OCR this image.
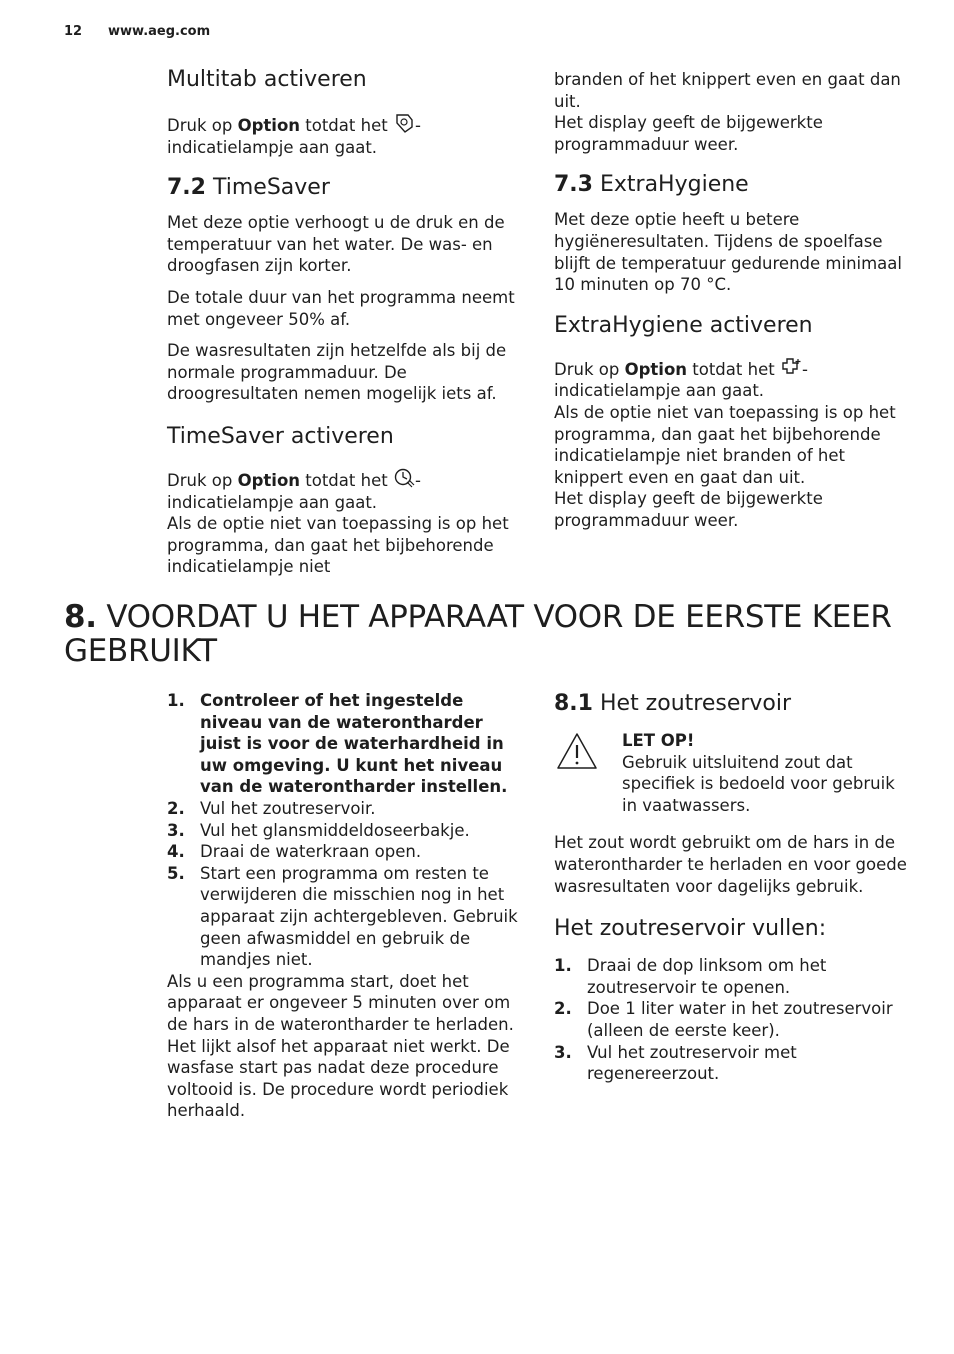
12 www.aeg.com
Multitab activeren

Druk op Option totdat het -indicatielampje aan gaat.

7.2 TimeSaver

Met deze optie verhoogt u de druk en de temperatuur van het water. De was- en droogfasen zijn korter.

De totale duur van het programma neemt met ongeveer 50% af.

De wasresultaten zijn hetzelfde als bij de normale programmaduur. De droogresultaten nemen mogelijk iets af.

TimeSaver activeren

Druk op Option totdat het -indicatielampje aan gaat.

Als de optie niet van toepassing is op het programma, dan gaat het bijbehorende indicatielampje niet

branden of het knippert even en gaat dan uit.

Het display geeft de bijgewerkte programmaduur weer.

7.3 ExtraHygiene

Met deze optie heeft u betere hygiëneresultaten. Tijdens de spoelfase blijft de temperatuur gedurende minimaal 10 minuten op 70 °C.

ExtraHygiene activeren

Druk op Option totdat het -indicatielampje aan gaat.

Als de optie niet van toepassing is op het programma, dan gaat het bijbehorende indicatielampje niet branden of het knippert even en gaat dan uit.

Het display geeft de bijgewerkte programmaduur weer.

8. VOORDAT U HET APPARAAT VOOR DE EERSTE KEER GEBRUIKT
1. Controleer of het ingestelde niveau van de waterontharder juist is voor de waterhardheid in uw omgeving. U kunt het niveau van de waterontharder instellen.
2. Vul het zoutreservoir.
3. Vul het glansmiddeldoseerbakje.
4. Draai de waterkraan open.
5. Start een programma om resten te verwijderen die misschien nog in het apparaat zijn achtergebleven. Gebruik geen afwasmiddel en gebruik de mandjes niet.

Als u een programma start, doet het apparaat er ongeveer 5 minuten over om de hars in de waterontharder te herladen. Het lijkt alsof het apparaat niet werkt. De wasfase start pas nadat deze procedure voltooid is. De procedure wordt periodiek herhaald.

8.1 Het zoutreservoir
LET OP!

Gebruik uitsluitend zout dat specifiek is bedoeld voor gebruik in vaatwassers.

Het zout wordt gebruikt om de hars in de waterontharder te herladen en voor goede wasresultaten voor dagelijks gebruik.

Het zoutreservoir vullen:
1. Draai de dop linksom om het zoutreservoir te openen.
2. Doe 1 liter water in het zoutreservoir (alleen de eerste keer).
3. Vul het zoutreservoir met regenereerzout.
